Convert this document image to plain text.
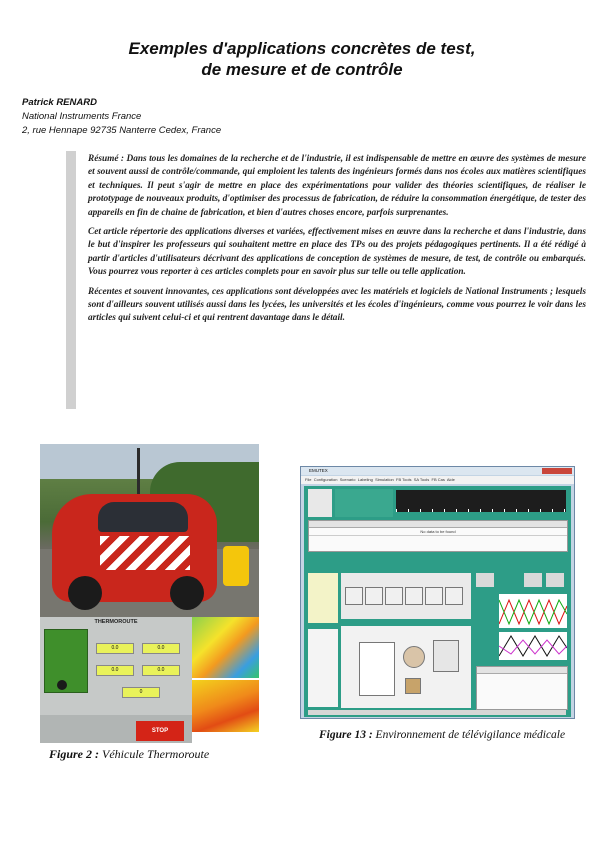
Exemples d'applications concrètes de test,
de mesure et de contrôle
Patrick RENARD
National Instruments France
2, rue Hennape 92735 Nanterre Cedex, France

Résumé : Dans tous les domaines de la recherche et de l'industrie, il est indispensable de mettre en œuvre des systèmes de mesure et souvent aussi de contrôle/commande, qui emploient les talents des ingénieurs formés dans nos écoles aux matières scientifiques et techniques. Il peut s'agir de mettre en place des expérimentations pour valider des théories scientifiques, de réaliser le prototypage de nouveaux produits, d'optimiser des processus de fabrication, de réduire la consommation énergétique, de tester des appareils en fin de chaine de fabrication, et bien d'autres choses encore, parfois surprenantes.

Cet article répertorie des applications diverses et variées, effectivement mises en œuvre dans la recherche et dans l'industrie, dans le but d'inspirer les professeurs qui souhaitent mettre en place des TPs ou des projets pédagogiques pertinents. Il a été rédigé à partir d'articles d'utilisateurs décrivant des applications de conception de systèmes de mesure, de test, de contrôle ou embarqués. Vous pourrez vous reporter à ces articles complets pour en savoir plus sur telle ou telle application.

Récentes et souvent innovantes, ces applications sont développées avec les matériels et logiciels de National Instruments ; lesquels sont d'ailleurs souvent utilisés aussi dans les lycées, les universités et les écoles d'ingénieurs, comme vous pourrez le voir dans les articles qui suivent celui-ci et qui rentrent davantage dans le détail.

THERMOROUTE
0.0	0.0
0.0	0.0
0
STOP
Figure 2 : Véhicule Thermoroute
EMUTEX
File Configuration Scenario Labeling Simulation FB Tools SA Tools FB Cas Aide
No data to be found
Figure 13 : Environnement de télévigilance médicale
